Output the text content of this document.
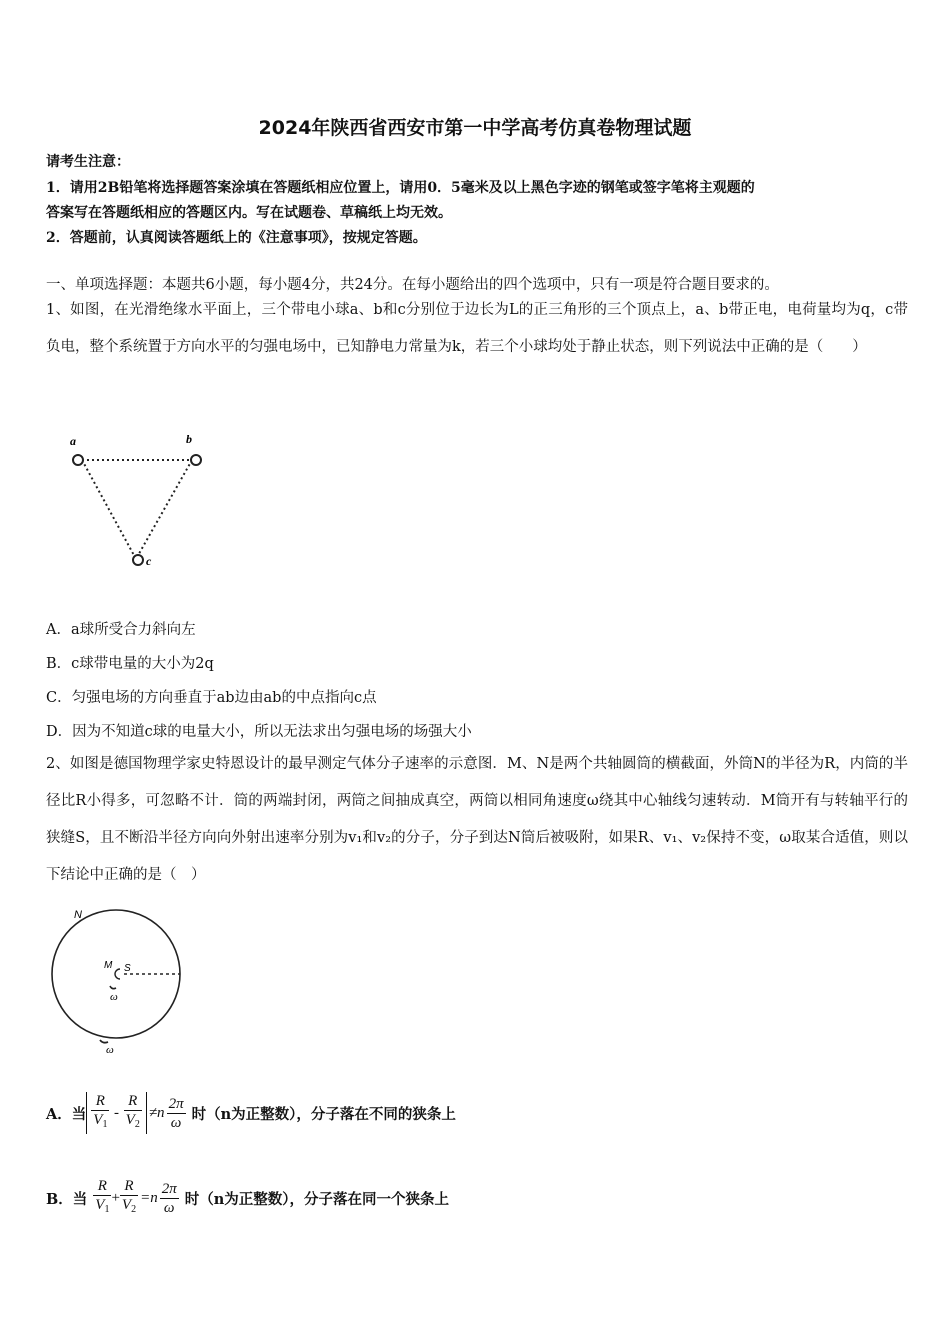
2024年陕西省西安市第一中学高考仿真卷物理试题
请考生注意：
1．请用2B铅笔将选择题答案涂填在答题纸相应位置上，请用0．5毫米及以上黑色字迹的钢笔或签字笔将主观题的
答案写在答题纸相应的答题区内。写在试题卷、草稿纸上均无效。
2．答题前，认真阅读答题纸上的《注意事项》，按规定答题。
一、单项选择题：本题共6小题，每小题4分，共24分。在每小题给出的四个选项中，只有一项是符合题目要求的。
1、如图，在光滑绝缘水平面上，三个带电小球a、b和c分别位于边长为L的正三角形的三个顶点上，a、b带正电，电荷量均为q，c带负电，整个系统置于方向水平的匀强电场中，已知静电力常量为k，若三个小球均处于静止状态，则下列说法中正确的是（　　）
a	b
c
A．a球所受合力斜向左
B．c球带电量的大小为2q
C．匀强电场的方向垂直于ab边由ab的中点指向c点
D．因为不知道c球的电量大小，所以无法求出匀强电场的场强大小
2、如图是德国物理学家史特恩设计的最早测定气体分子速率的示意图．M、N是两个共轴圆筒的横截面，外筒N的半径为R，内筒的半径比R小得多，可忽略不计．筒的两端封闭，两筒之间抽成真空，两筒以相同角速度ω绕其中心轴线匀速转动．M筒开有与转轴平行的狭缝S，且不断沿半径方向向外射出速率分别为v₁和v₂的分子，分子到达N筒后被吸附，如果R、v₁、v₂保持不变，ω取某合适值，则以下结论中正确的是（　）
N
M S
ω
ω
A．当 $\frac{R}{V_1} - \frac{R}{V_2} \ne n \frac{2\pi}{\omega}$ 时（n为正整数），分子落在不同的狭条上
B．当 $\frac{R}{V_1} + \frac{R}{V_2} =n \frac{2\pi}{\omega}$ 时（n为正整数），分子落在同一个狭条上
